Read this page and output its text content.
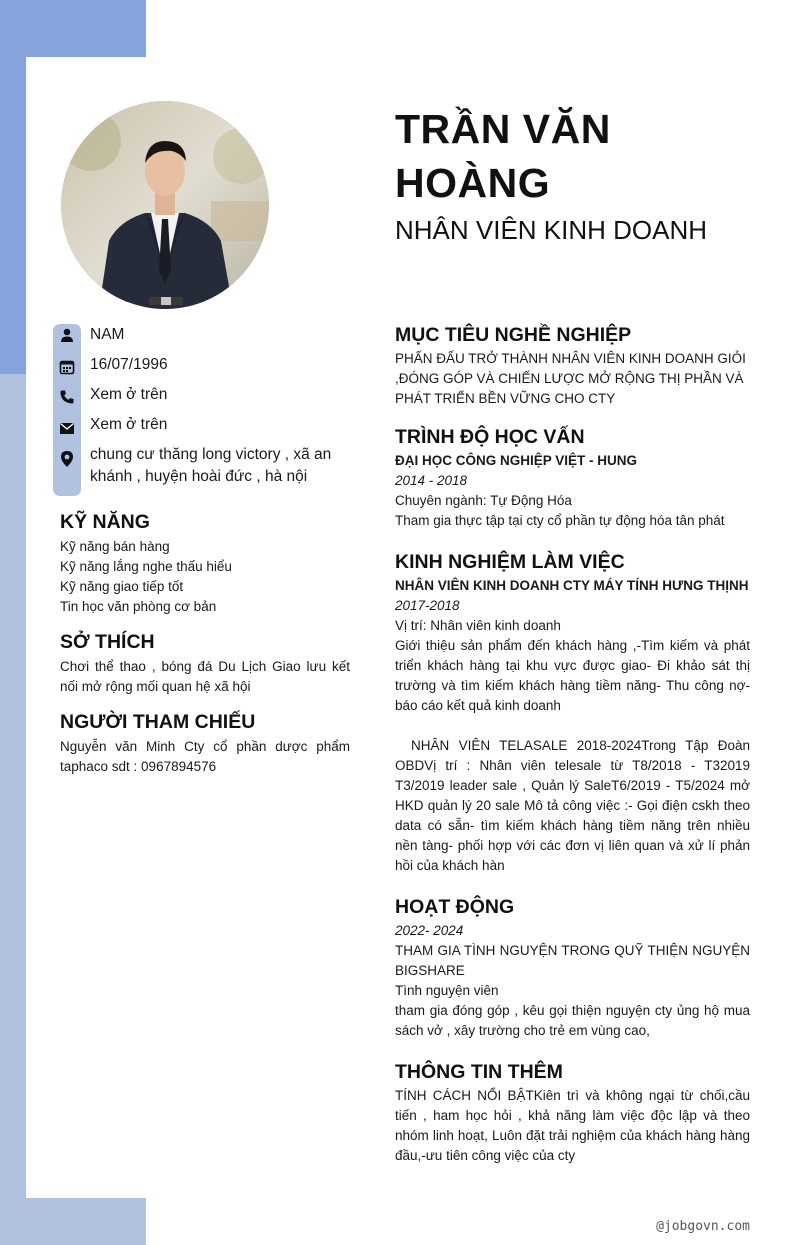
TRẦN VĂN HOÀNG
NHÂN VIÊN KINH DOANH
NAM
16/07/1996
Xem ở trên
Xem ở trên
chung cư thăng long victory , xã an khánh , huyện hoài đức , hà nội
KỸ NĂNG

Kỹ năng bán hàng

Kỹ năng lắng nghe thấu hiểu

Kỹ năng giao tiếp tốt

Tin học văn phòng cơ bản

SỞ THÍCH

Chơi thể thao , bóng đá Du Lịch Giao lưu kết nối mở rộng mối quan hệ xã hội

NGƯỜI THAM CHIẾU

Nguyễn văn Minh Cty cổ phần dược phẩm taphaco sdt : 0967894576

MỤC TIÊU NGHỀ NGHIỆP

PHẤN ĐẤU TRỞ THÀNH NHÂN VIÊN KINH DOANH GIỎI ,ĐÓNG GÓP VÀ CHIẾN LƯỢC MỞ RỘNG THỊ PHẦN VÀ PHÁT TRIỂN BỀN VỮNG CHO CTY

TRÌNH ĐỘ HỌC VẤN

ĐẠI HỌC CÔNG NGHIỆP VIỆT - HUNG

2014 - 2018

Chuyên ngành: Tự Động Hóa

Tham gia thực tập tại cty cổ phần tự động hóa tân phát

KINH NGHIỆM LÀM VIỆC

NHÂN VIÊN KINH DOANH CTY MÁY TÍNH HƯNG THỊNH

2017-2018

Vị trí: Nhân viên kinh doanh

Giới thiệu sản phẩm đến khách hàng ,-Tìm kiếm và phát triển khách hàng tại khu vực được giao- Đi khảo sát thị trường và tìm kiếm khách hàng tiềm năng- Thu công nợ-báo cáo kết quả kinh doanh

NHÂN VIÊN TELASALE 2018-2024Trong Tập Đoàn OBDVị trí : Nhân viên telesale từ T8/2018 - T32019 T3/2019 leader sale , Quản lý SaleT6/2019 - T5/2024 mở HKD quản lý 20 sale Mô tả công việc :- Gọi điện cskh theo data có sẵn- tìm kiếm khách hàng tiềm năng trên nhiều nền tàng- phối hợp với các đơn vị liên quan và xử lí phản hồi của khách hàn

HOẠT ĐỘNG

2022- 2024

THAM GIA TÌNH NGUYỆN TRONG QUỸ THIỆN NGUYỆN BIGSHARE

Tình nguyện viên

tham gia đóng góp , kêu gọi thiện nguyện cty ủng hộ mua sách vở , xây trường cho trẻ em vùng cao,

THÔNG TIN THÊM

TÍNH CÁCH NỔI BẬTKiên trì và không ngại từ chối,cầu tiến , ham học hỏi , khả năng làm việc độc lập và theo nhóm linh hoạt, Luôn đặt trải nghiệm của khách hàng hàng đầu,-ưu tiên công việc của cty

@jobgovn.com
